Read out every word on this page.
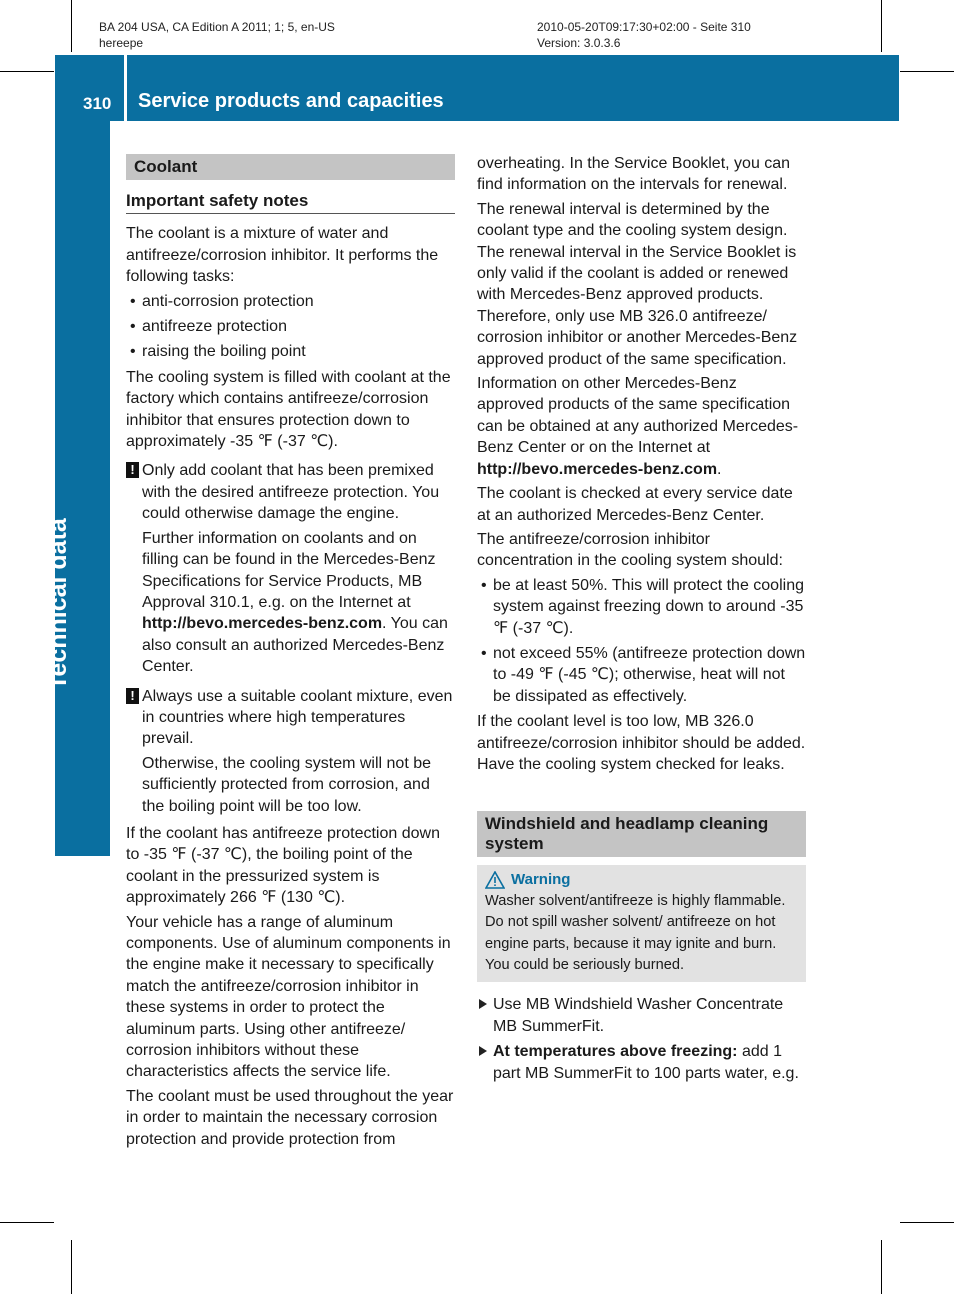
BA 204 USA, CA Edition A 2011; 1; 5, en-US
hereepe
2010-05-20T09:17:30+02:00 - Seite 310
Version: 3.0.3.6
310 Service products and capacities
Technical data
Coolant
Important safety notes

The coolant is a mixture of water and antifreeze/corrosion inhibitor. It performs the following tasks:

• anti-corrosion protection
• antifreeze protection
• raising the boiling point

The cooling system is filled with coolant at the factory which contains antifreeze/corrosion inhibitor that ensures protection down to approximately -35 ℉ (-37 ℃).

! Only add coolant that has been premixed with the desired antifreeze protection. You could otherwise damage the engine.

Further information on coolants and on filling can be found in the Mercedes-Benz Specifications for Service Products, MB Approval 310.1, e.g. on the Internet at http://bevo.mercedes-benz.com. You can also consult an authorized Mercedes-Benz Center.

! Always use a suitable coolant mixture, even in countries where high temperatures prevail.

Otherwise, the cooling system will not be sufficiently protected from corrosion, and the boiling point will be too low.

If the coolant has antifreeze protection down to -35 ℉ (-37 ℃), the boiling point of the coolant in the pressurized system is approximately 266 ℉ (130 ℃).

Your vehicle has a range of aluminum components. Use of aluminum components in the engine make it necessary to specifically match the antifreeze/corrosion inhibitor in these systems in order to protect the aluminum parts. Using other antifreeze/ corrosion inhibitors without these characteristics affects the service life.

The coolant must be used throughout the year in order to maintain the necessary corrosion protection and provide protection from

overheating. In the Service Booklet, you can find information on the intervals for renewal.

The renewal interval is determined by the coolant type and the cooling system design. The renewal interval in the Service Booklet is only valid if the coolant is added or renewed with Mercedes-Benz approved products. Therefore, only use MB 326.0 antifreeze/ corrosion inhibitor or another Mercedes-Benz approved product of the same specification.

Information on other Mercedes-Benz approved products of the same specification can be obtained at any authorized Mercedes-Benz Center or on the Internet at http://bevo.mercedes-benz.com.

The coolant is checked at every service date at an authorized Mercedes-Benz Center.

The antifreeze/corrosion inhibitor concentration in the cooling system should:

• be at least 50%. This will protect the cooling system against freezing down to around -35 ℉ (-37 ℃).
• not exceed 55% (antifreeze protection down to -49 ℉ (-45 ℃); otherwise, heat will not be dissipated as effectively.

If the coolant level is too low, MB 326.0 antifreeze/corrosion inhibitor should be added. Have the cooling system checked for leaks.

Windshield and headlamp cleaning system
Warning
Washer solvent/antifreeze is highly flammable. Do not spill washer solvent/ antifreeze on hot engine parts, because it may ignite and burn. You could be seriously burned.
Use MB Windshield Washer Concentrate MB SummerFit.
At temperatures above freezing: add 1 part MB SummerFit to 100 parts water, e.g.
